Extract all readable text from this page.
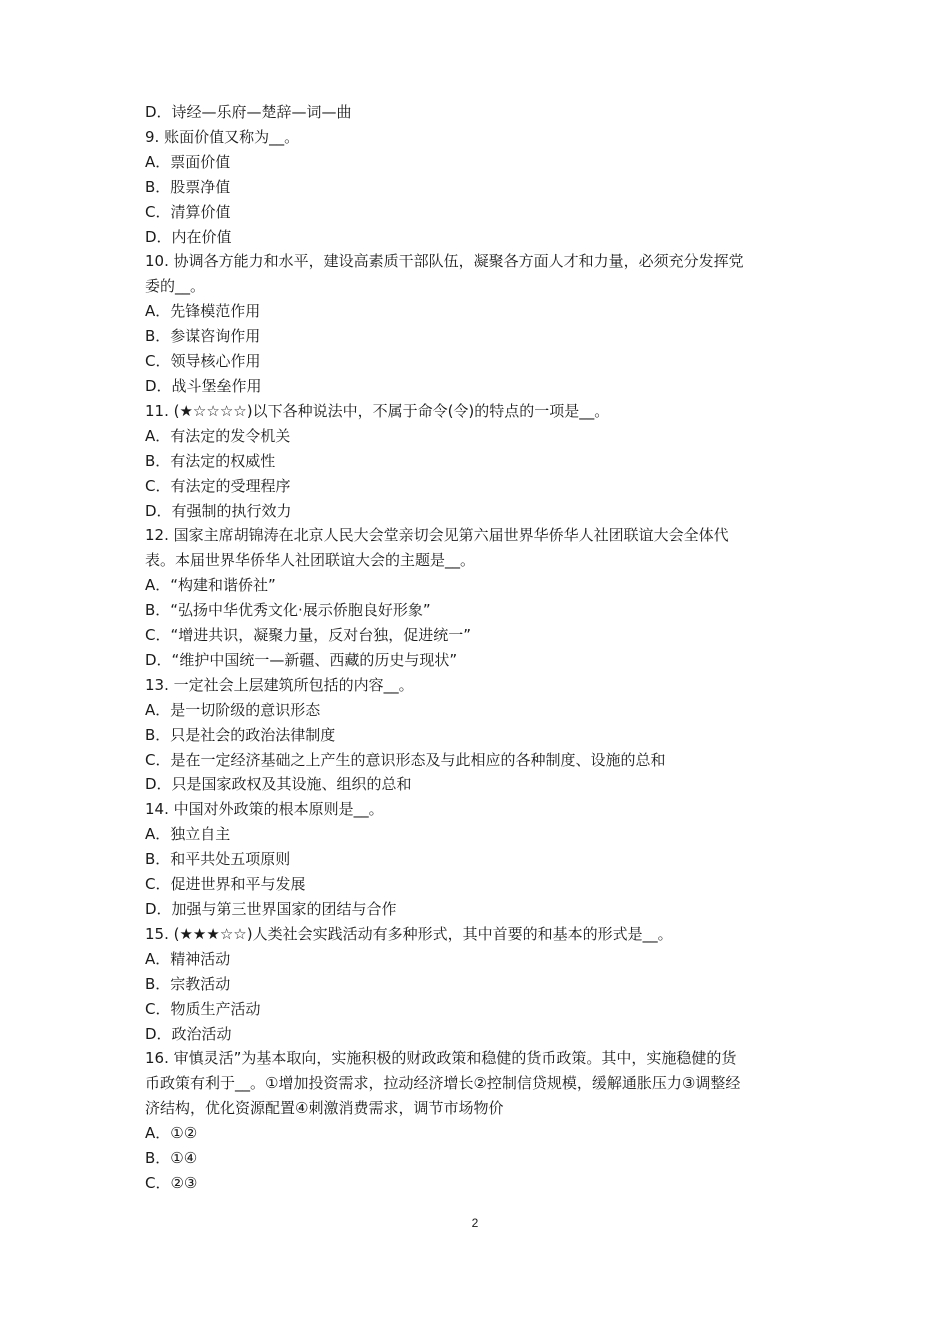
D．诗经—乐府—楚辞—词—曲
9. 账面价值又称为__。
A．票面价值
B．股票净值
C．清算价值
D．内在价值
10. 协调各方能力和水平，建设高素质干部队伍，凝聚各方面人才和力量，必须充分发挥党
委的__。
A．先锋模范作用
B．参谋咨询作用
C．领导核心作用
D．战斗堡垒作用
11. (★☆☆☆☆)以下各种说法中，不属于命令(令)的特点的一项是__。
A．有法定的发令机关
B．有法定的权威性
C．有法定的受理程序
D．有强制的执行效力
12. 国家主席胡锦涛在北京人民大会堂亲切会见第六届世界华侨华人社团联谊大会全体代
表。本届世界华侨华人社团联谊大会的主题是__。
A．“构建和谐侨社”
B．“弘扬中华优秀文化·展示侨胞良好形象”
C．“增进共识，凝聚力量，反对台独，促进统一”
D．“维护中国统一—新疆、西藏的历史与现状”
13. 一定社会上层建筑所包括的内容__。
A．是一切阶级的意识形态
B．只是社会的政治法律制度
C．是在一定经济基础之上产生的意识形态及与此相应的各种制度、设施的总和
D．只是国家政权及其设施、组织的总和
14. 中国对外政策的根本原则是__。
A．独立自主
B．和平共处五项原则
C．促进世界和平与发展
D．加强与第三世界国家的团结与合作
15. (★★★☆☆)人类社会实践活动有多种形式，其中首要的和基本的形式是__。
A．精神活动
B．宗教活动
C．物质生产活动
D．政治活动
16. 审慎灵活”为基本取向，实施积极的财政政策和稳健的货币政策。其中，实施稳健的货
币政策有利于__。①增加投资需求，拉动经济增长②控制信贷规模，缓解通胀压力③调整经
济结构，优化资源配置④刺激消费需求，调节市场物价
A．①②
B．①④
C．②③
2
